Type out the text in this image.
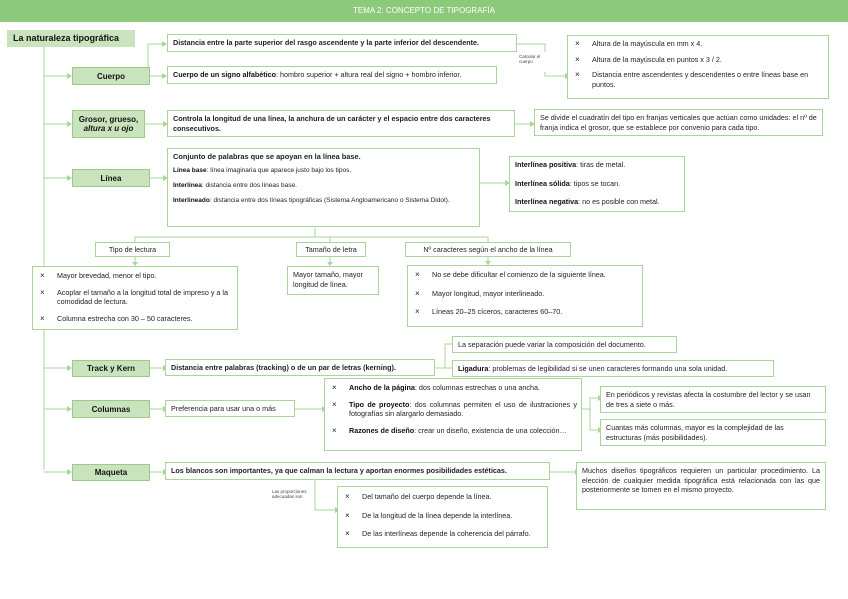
TEMA 2: CONCEPTO DE TIPOGRAFÍA
La naturaleza tipográfica
Cuerpo
Distancia entre la parte superior del rasgo ascendente y la parte inferior del descendente.
Cuerpo de un signo alfabético: hombro superior + altura real del signo + hombro inferior.
Calcular el cuerpo
× Altura de la mayúscula en mm x 4.
× Altura de la mayúscula en puntos x 3 / 2.
× Distancia entre ascendentes y descendentes o entre líneas base en puntos.
Grosor, grueso,
altura x u ojo
Controla la longitud de una línea, la anchura de un carácter y el espacio entre dos caracteres consecutivos.
Se divide el cuadratín del tipo en franjas verticales que actúan como unidades: el nº de franja indica el grosor, que se establece por convenio para cada tipo.
Línea
Conjunto de palabras que se apoyan en la línea base.
Línea base: línea imaginaria que aparece justo bajo los tipos.
Interlínea: distancia entre dos líneas base.
Interlineado: distancia entre dos líneas tipográficas (Sistema Angloamericano o Sistema Didot).
Interlínea positiva: tiras de metal.
Interlínea sólida: tipos se tocan.
Interlínea negativa: no es posible con metal.
Tipo de lectura	Tamaño de letra	Nº caracteres según el ancho de la línea
× Mayor brevedad, menor el tipo.
× Acoplar el tamaño a la longitud total de impreso y a la comodidad de lectura.
× Columna estrecha con 30 – 50 caracteres.
Mayor tamaño, mayor longitud de línea.
× No se debe dificultar el comienzo de la siguiente línea.
× Mayor longitud, mayor interlineado.
× Líneas 20–25 cíceros, caracteres 60–70.
Track y Kern	Distancia entre palabras (tracking) o de un par de letras (kerning).
La separación puede variar la composición del documento.
Ligadura: problemas de legibilidad si se unen caracteres formando una sola unidad.
Columnas	Preferencia para usar una o más
× Ancho de la página: dos columnas estrechas o una ancha.
× Tipo de proyecto: dos columnas permiten el uso de ilustraciones y fotografías sin alargarlo demasiado.
× Razones de diseño: crear un diseño, existencia de una colección…
En periódicos y revistas afecta la costumbre del lector y se usan de tres a siete o más.
Cuantas más columnas, mayor es la complejidad de las estructuras (más posibilidades).
Maqueta	Los blancos son importantes, ya que calman la lectura y aportan enormes posibilidades estéticas.
Las proporciones adecuadas son
×	Del tamaño del cuerpo depende la línea.
× De la longitud de la línea depende la interlínea.
× De las interlíneas depende la coherencia del párrafo.
Muchos diseños tipográficos requieren un particular procedimiento. La elección de cualquier medida tipográfica está relacionada con las que posteriormente se tomen en el mismo proyecto.
